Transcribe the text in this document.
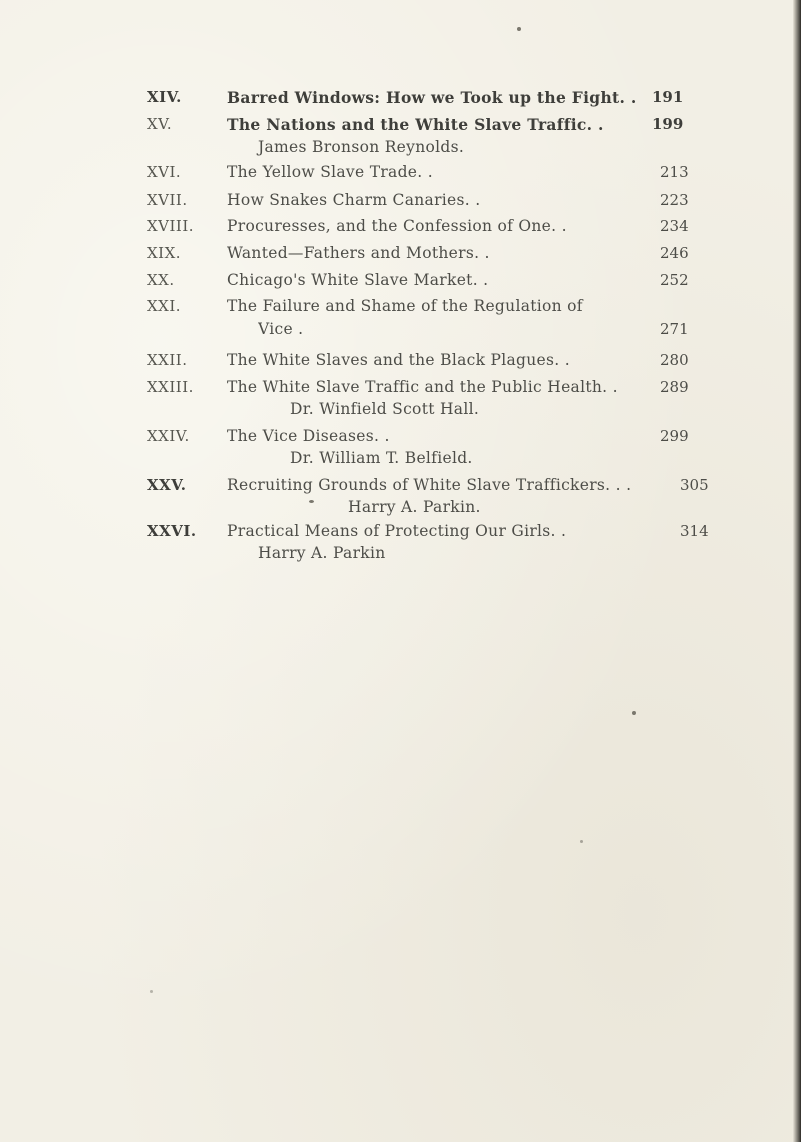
XIV.	Barred Windows: How we Took up the Fight. .	191
XV.	The Nations and the White Slave Traffic. .	199
James Bronson Reynolds.
XVI.	The Yellow Slave Trade. .	213
XVII.	How Snakes Charm Canaries. .	223
XVIII.	Procuresses, and the Confession of One. .	234
XIX.	Wanted—Fathers and Mothers. .	246
XX.	Chicago's White Slave Market. .	252
XXI.	The Failure and Shame of the Regulation of
Vice .	271
XXII.	The White Slaves and the Black Plagues. .	280
XXIII.	The White Slave Traffic and the Public Health. .	289
Dr. Winfield Scott Hall.
XXIV.	The Vice Diseases. .	299
Dr. William T. Belfield.
XXV.	Recruiting Grounds of White Slave Traffickers. . .	305
Harry A. Parkin.
XXVI.	Practical Means of Protecting Our Girls. .	314
Harry A. Parkin
